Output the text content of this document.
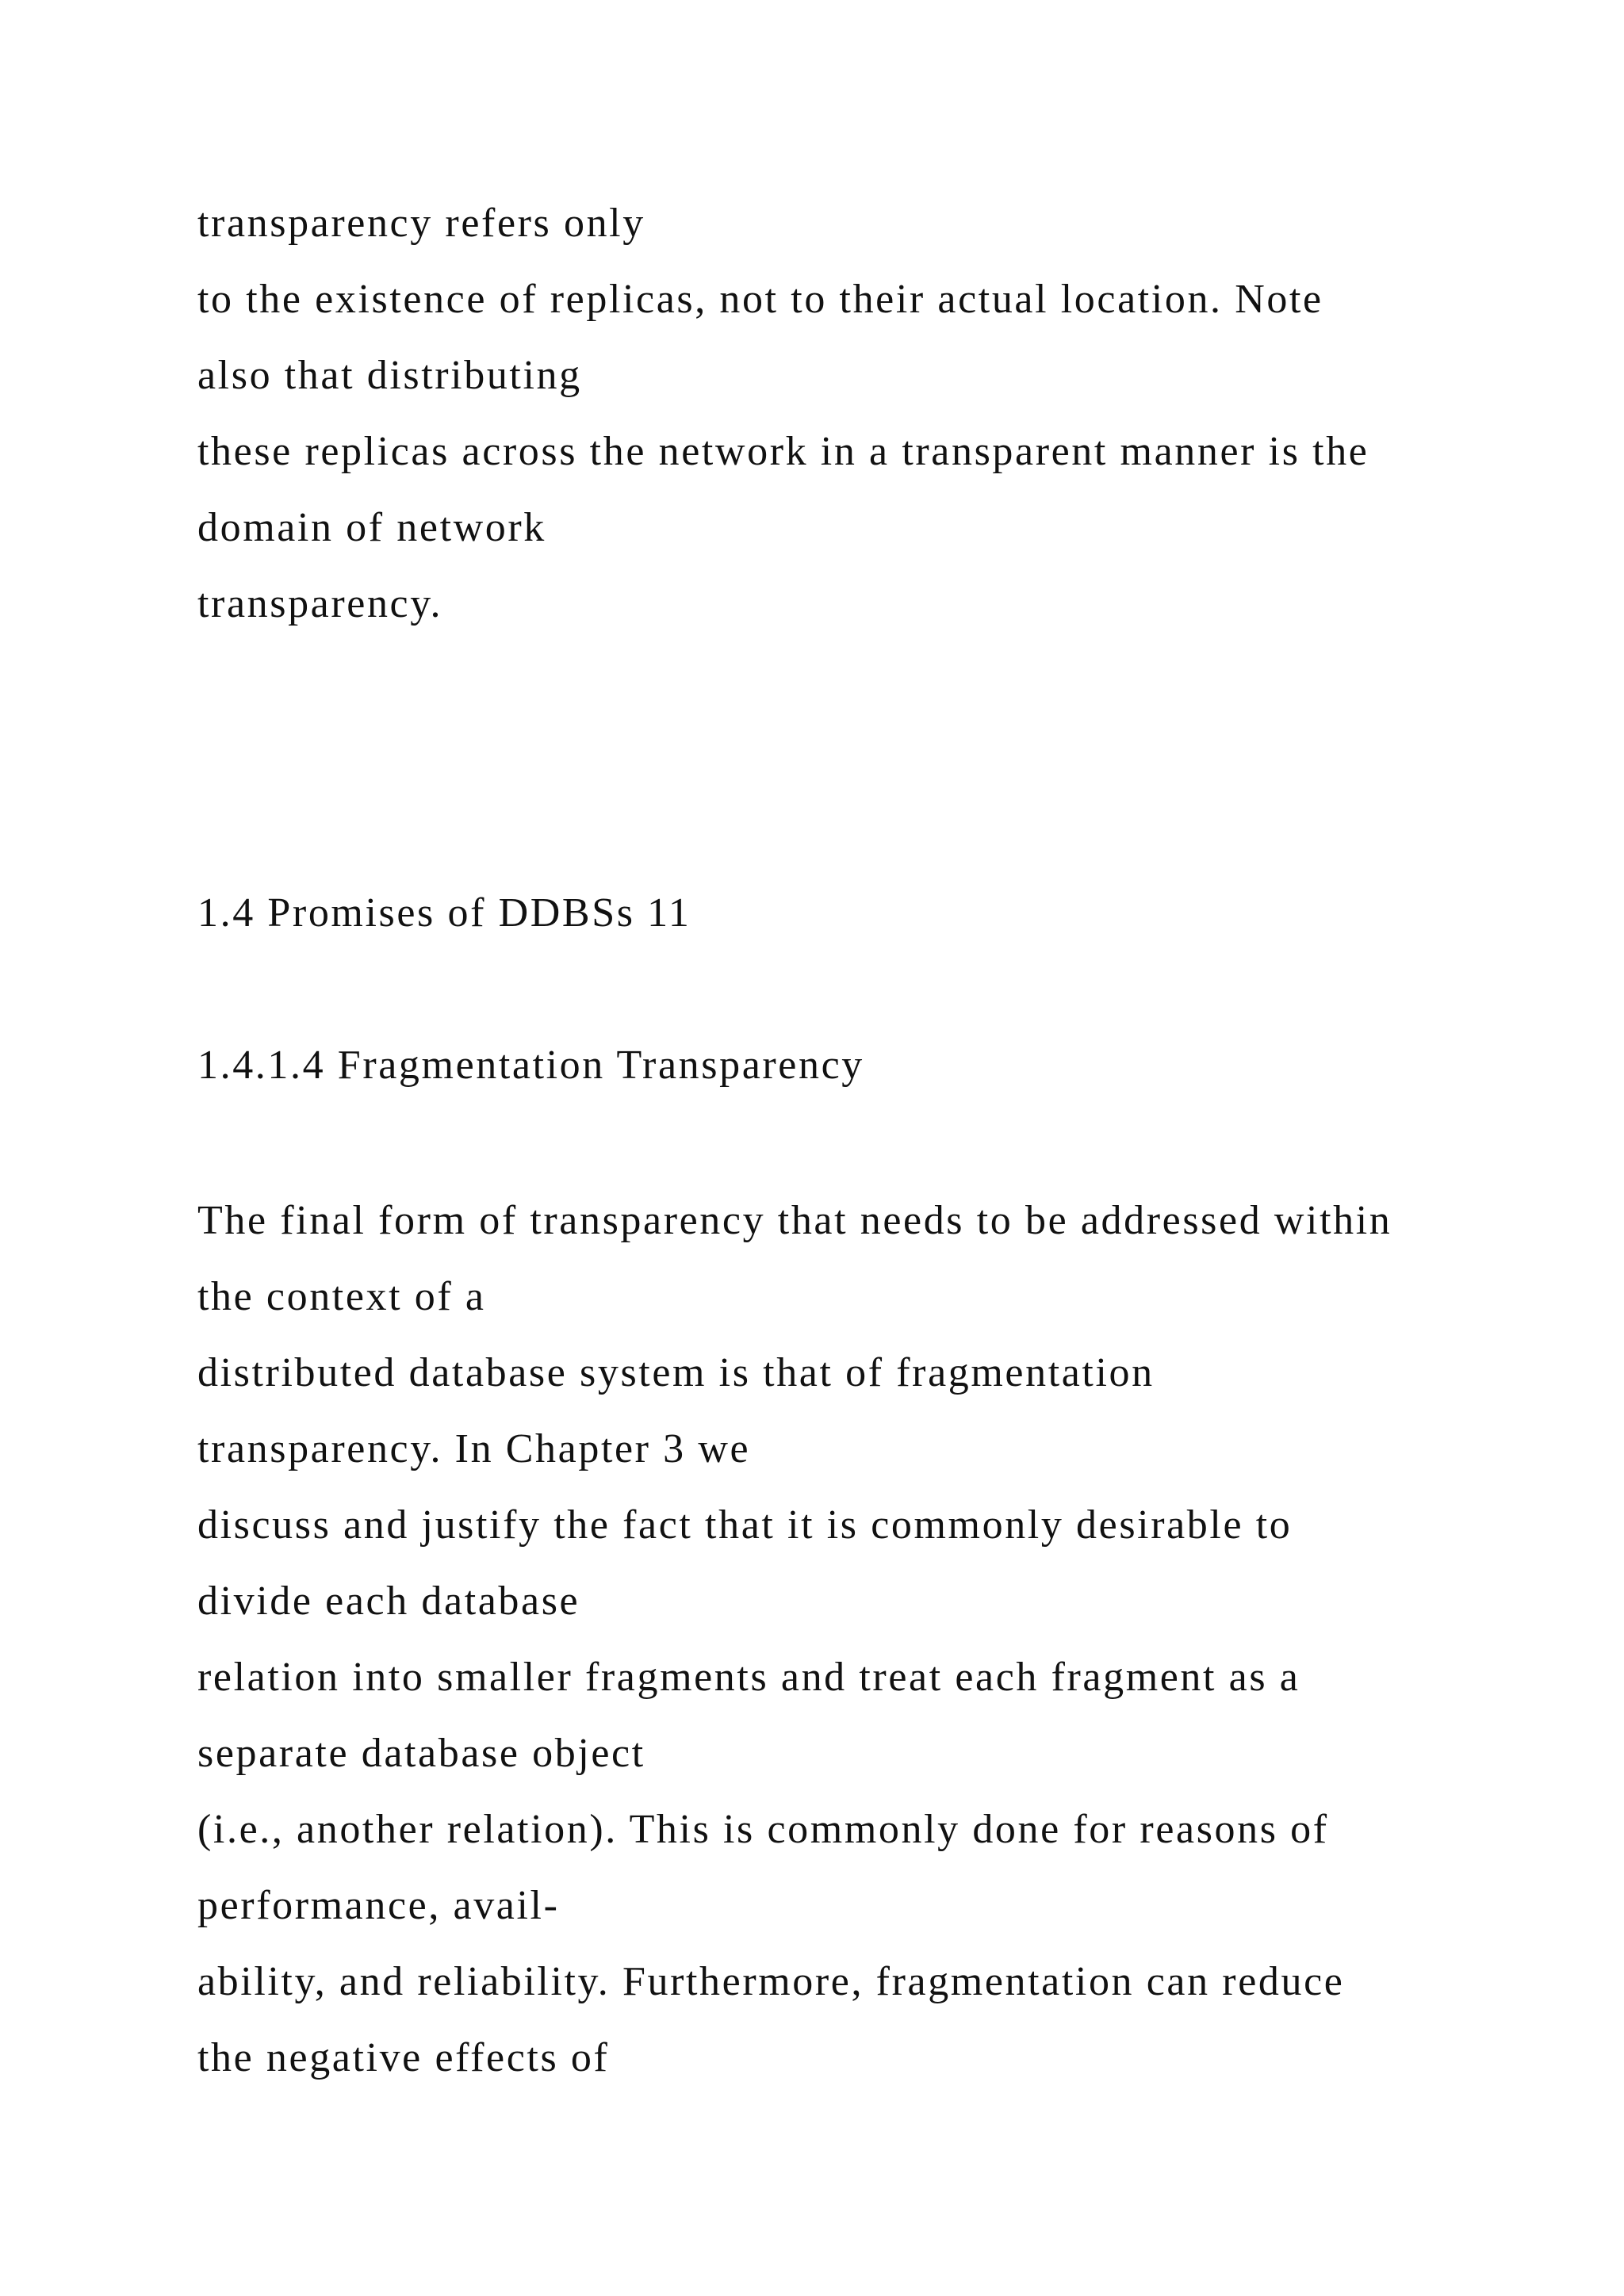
transparency refers only

to the existence of replicas, not to their actual location. Note

also that distributing

these replicas across the network in a transparent manner is the

domain of network

transparency.

1.4 Promises of DDBSs 11

1.4.1.4 Fragmentation Transparency

The final form of transparency that needs to be addressed within

the context of a

distributed database system is that of fragmentation

transparency. In Chapter 3 we

discuss and justify the fact that it is commonly desirable to

divide each database

relation into smaller fragments and treat each fragment as a

separate database object

(i.e., another relation). This is commonly done for reasons of

performance, avail-

ability, and reliability. Furthermore, fragmentation can reduce

the negative effects of
